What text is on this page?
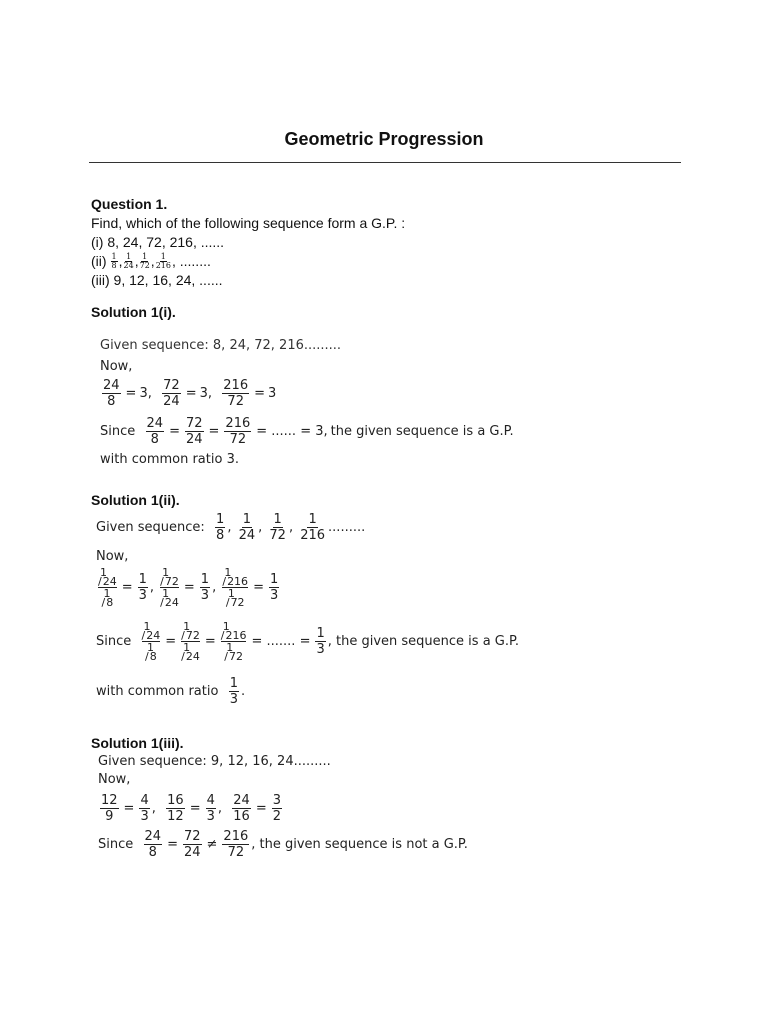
Geometric Progression
Question 1.
Find, which of the following sequence form a G.P. :
(i) 8, 24, 72, 216, ......
$(ii) \frac{1}{8}$ , $\frac{1}{24}$ , $\frac{1}{72}$ , $\frac{1}{216}$ , ........
(iii) 9, 12, 16, 24, ......
Solution 1(i).
Given sequence: 8, 24, 72, 216.........
Now,
$\frac{24}{8} = 3$ , $\frac{72}{24} = 3$ , $\frac{216}{72} = 3$
Since
$\frac{24}{8} = \frac{72}{24} = \frac{216}{72}$ = ...... = 3, the given sequence is a G.P.
with common ratio 3.
Solution 1(ii).
Given sequence:
$\frac{1}{8}$ , $\frac{1}{24}$ , $\frac{1}{72}$ , $\frac{1}{216}$ .........
Now,
1
/ 24
1
/ 8
= $\frac{1}{3}$ ,
1
/ 72
1
/ 24
= $\frac{1}{3}$ ,
1
/ 216
1
/ 72
= $\frac{1}{3}$
Since

1
/ 24
1
/ 8
=
1
/ 72
1
/ 24
=
1
/ 216
1
/ 72
= ....... = $\frac{1}{3}$ , the given sequence is a G.P.
with common ratio
$\frac{1}{3}$ .
Solution 1(iii).
Given sequence: 9, 12, 16, 24.........
Now,
$\frac{12}{9} = \frac{4}{3}$ , $\frac{16}{12} = \frac{4}{3}$ , $\frac{24}{16} = \frac{3}{2}$
Since
$\frac{24}{8} = \frac{72}{24} \ne \frac{216}{72}$ , the given sequence is not a G.P.
